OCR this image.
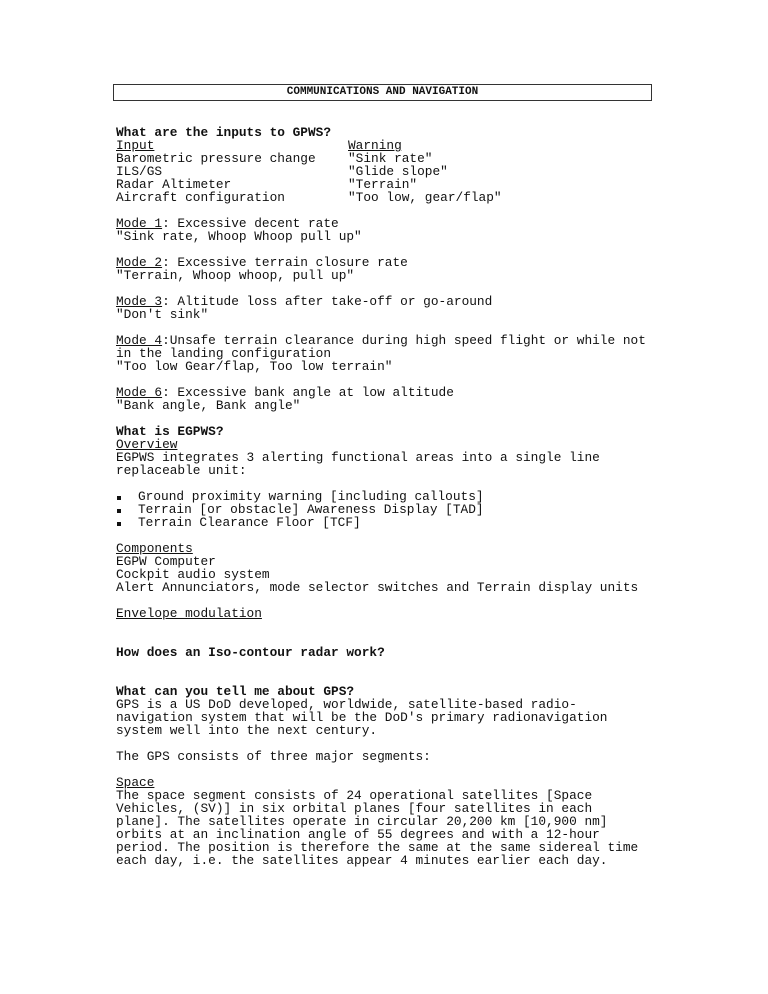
COMMUNICATIONS AND NAVIGATION
What are the inputs to GPWS?
Input	Warning
Barometric pressure change	"Sink rate"
ILS/GS	"Glide slope"
Radar Altimeter	"Terrain"
Aircraft configuration	"Too low, gear/flap"
Mode 1: Excessive decent rate
"Sink rate, Whoop Whoop pull up"
Mode 2: Excessive terrain closure rate
"Terrain, Whoop whoop, pull up"
Mode 3: Altitude loss after take-off or go-around
"Don't sink"
Mode 4:Unsafe terrain clearance during high speed flight or while not
in the landing configuration
"Too low Gear/flap, Too low terrain"
Mode 6: Excessive bank angle at low altitude
"Bank angle, Bank angle"
What is EGPWS?
Overview
EGPWS integrates 3 alerting functional areas into a single line
replaceable unit:
Ground proximity warning [including callouts]
Terrain [or obstacle] Awareness Display [TAD]
Terrain Clearance Floor [TCF]
Components
EGPW Computer
Cockpit audio system
Alert Annunciators, mode selector switches and Terrain display units
Envelope modulation
How does an Iso-contour radar work?
What can you tell me about GPS?
GPS is a US DoD developed, worldwide, satellite-based radio-
navigation system that will be the DoD's primary radionavigation
system well into the next century.
The GPS consists of three major segments:
Space
The space segment consists of 24 operational satellites [Space
Vehicles, (SV)] in six orbital planes [four satellites in each
plane]. The satellites operate in circular 20,200 km [10,900 nm]
orbits at an inclination angle of 55 degrees and with a 12-hour
period. The position is therefore the same at the same sidereal time
each day, i.e. the satellites appear 4 minutes earlier each day.
